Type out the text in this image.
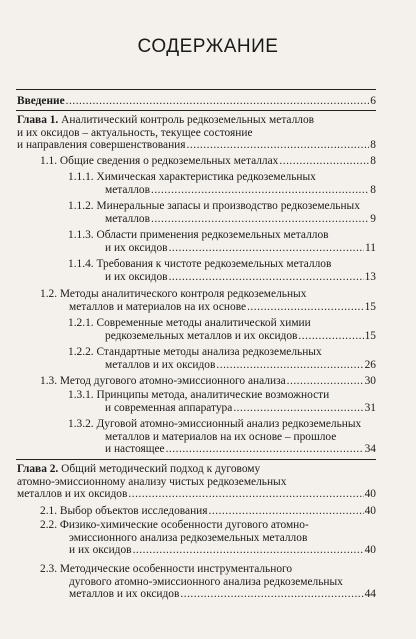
СОДЕРЖАНИЕ
Введение .....	6
Глава 1. Аналитический контроль редкоземельных металлов
и их оксидов – актуальность, текущее состояние
и направления совершенствования .....	8
1.1. Общие сведения о редкоземельных металлах .....	8
1.1.1. Химическая характеристика редкоземельных
металлов .....	8
1.1.2. Минеральные запасы и производство редкоземельных
металлов .....	9
1.1.3. Области применения редкоземельных металлов
и их оксидов .....	11
1.1.4. Требования к чистоте редкоземельных металлов
и их оксидов .....	13
1.2. Методы аналитического контроля редкоземельных
металлов и материалов на их основе .....	15
1.2.1. Современные методы аналитической химии
редкоземельных металлов и их оксидов .....	15
1.2.2. Стандартные методы анализа редкоземельных
металлов и их оксидов .....	26
1.3. Метод дугового атомно-эмиссионного анализа .....	30
1.3.1. Принципы метода, аналитические возможности
и современная аппаратура .....	31
1.3.2. Дуговой атомно-эмиссионный анализ редкоземельных
металлов и материалов на их основе – прошлое
и настоящее .....	34
Глава 2. Общий методический подход к дуговому
атомно-эмиссионному анализу чистых редкоземельных
металлов и их оксидов .....	40
2.1. Выбор объектов исследования .....	40
2.2. Физико-химические особенности дугового атомно-
эмиссионного анализа редкоземельных металлов
и их оксидов .....	40
2.3. Методические особенности инструментального
дугового атомно-эмиссионного анализа редкоземельных
металлов и их оксидов .....	44
